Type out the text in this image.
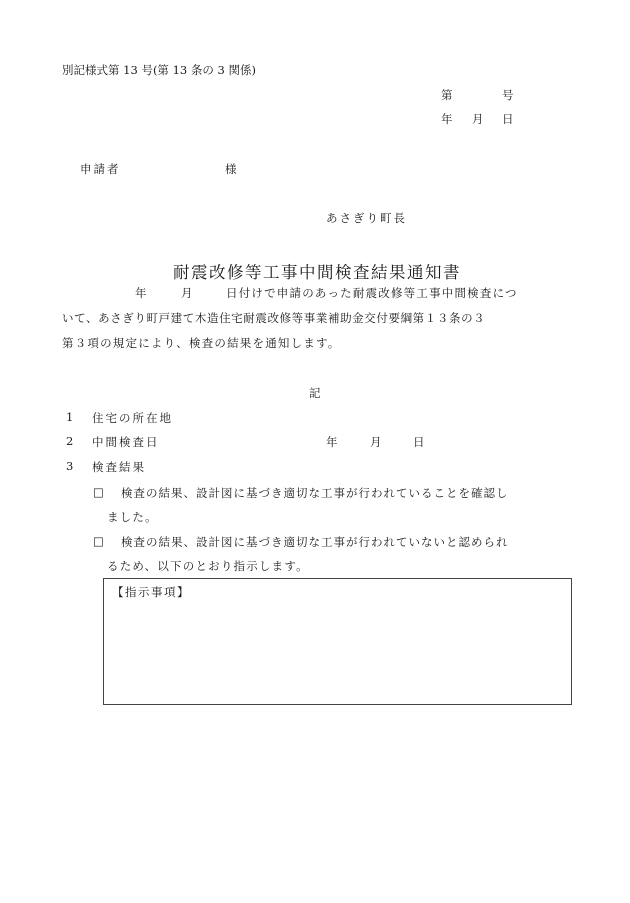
別記様式第 13 号(第 13 条の 3 関係)
第	号
年 月 日
申請者	様
あさぎり町長
耐震改修等工事中間検査結果通知書
年	月	日付けで申請のあった耐震改修等工事中間検査につ
いて、あさぎり町戸建て木造住宅耐震改修等事業補助金交付要綱第１３条の３
第３項の規定により、検査の結果を通知します。
記
1 住宅の所在地
2 中間検査日	年	月	日
3 検査結果
□ 検査の結果、設計図に基づき適切な工事が行われていることを確認し
ました。
□ 検査の結果、設計図に基づき適切な工事が行われていないと認められ
るため、以下のとおり指示します。
【指示事項】
